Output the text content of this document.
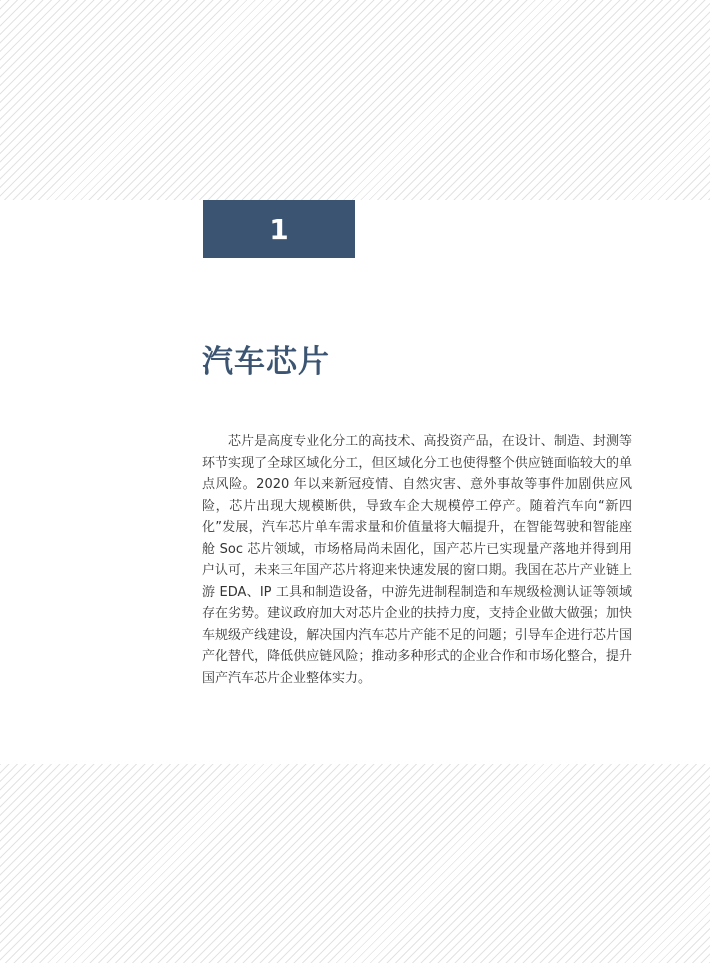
1
汽车芯片

芯片是高度专业化分工的高技术、高投资产品，在设计、制造、封测等环节实现了全球区域化分工，但区域化分工也使得整个供应链面临较大的单点风险。2020 年以来新冠疫情、自然灾害、意外事故等事件加剧供应风险，芯片出现大规模断供，导致车企大规模停工停产。随着汽车向“新四化”发展，汽车芯片单车需求量和价值量将大幅提升，在智能驾驶和智能座舱 Soc 芯片领域，市场格局尚未固化，国产芯片已实现量产落地并得到用户认可，未来三年国产芯片将迎来快速发展的窗口期。我国在芯片产业链上游 EDA、IP 工具和制造设备，中游先进制程制造和车规级检测认证等领域存在劣势。建议政府加大对芯片企业的扶持力度，支持企业做大做强；加快车规级产线建设，解决国内汽车芯片产能不足的问题；引导车企进行芯片国产化替代，降低供应链风险；推动多种形式的企业合作和市场化整合，提升国产汽车芯片企业整体实力。
